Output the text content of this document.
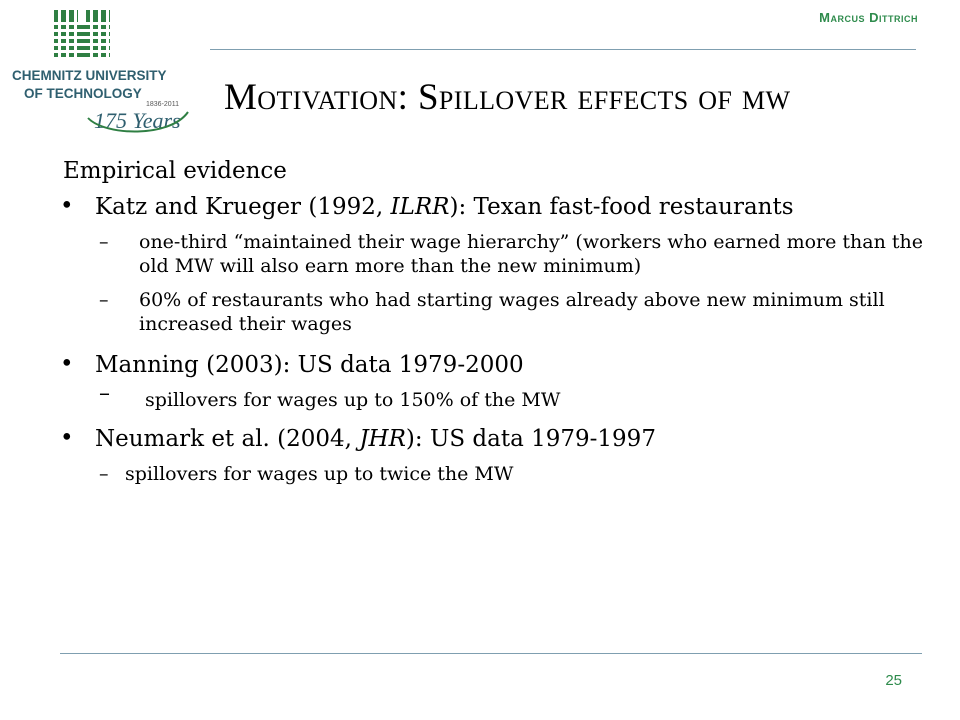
CHEMNITZ UNIVERSITY
OF TECHNOLOGY
1836-2011
175 Years
Marcus Dittrich
Motivation: Spillover effects of mw
Empirical evidence
• Katz and Krueger (1992, ILRR): Texan fast-food restaurants
– one-third “maintained their wage hierarchy” (workers who earned more than the old MW will also earn more than the new minimum)
– 60% of restaurants who had starting wages already above new minimum still increased their wages
• Manning (2003): US data 1979-2000
– spillovers for wages up to 150% of the MW
• Neumark et al. (2004, JHR): US data 1979-1997
– spillovers for wages up to twice the MW
25
